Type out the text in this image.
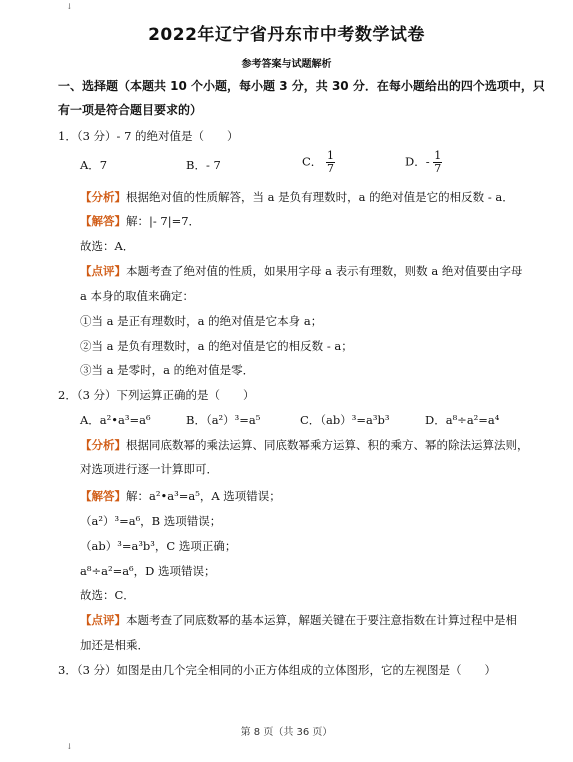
↓
↓
2022年辽宁省丹东市中考数学试卷
参考答案与试题解析
一、选择题（本题共 10 个小题，每小题 3 分，共 30 分．在每小题给出的四个选项中，只
有一项是符合题目要求的）
1．（3 分）- 7 的绝对值是（　　）
A．7	B．- 7	C． $\frac{1}{7}$	D．- $\frac{1}{7}$
【分析】根据绝对值的性质解答，当 a 是负有理数时，a 的绝对值是它的相反数 - a．
【解答】解：|- 7|=7．
故选：A．
【点评】本题考查了绝对值的性质，如果用字母 a 表示有理数，则数 a 绝对值要由字母
a 本身的取值来确定：
①当 a 是正有理数时，a 的绝对值是它本身 a；
②当 a 是负有理数时，a 的绝对值是它的相反数 - a；
③当 a 是零时，a 的绝对值是零．
2．（3 分）下列运算正确的是（　　）
A．a²•a³=a⁶	B．（a²）³=a⁵	C．（ab）³=a³b³	D．a⁸÷a²=a⁴
【分析】根据同底数幂的乘法运算、同底数幂乘方运算、积的乘方、幂的除法运算法则，
对选项进行逐一计算即可．
【解答】解：a²•a³=a⁵，A 选项错误；
（a²）³=a⁶，B 选项错误；
（ab）³=a³b³，C 选项正确；
a⁸÷a²=a⁶，D 选项错误；
故选：C．
【点评】本题考查了同底数幂的基本运算，解题关键在于要注意指数在计算过程中是相
加还是相乘．
3．（3 分）如图是由几个完全相同的小正方体组成的立体图形，它的左视图是（　　）
第 8 页（共 36 页）
